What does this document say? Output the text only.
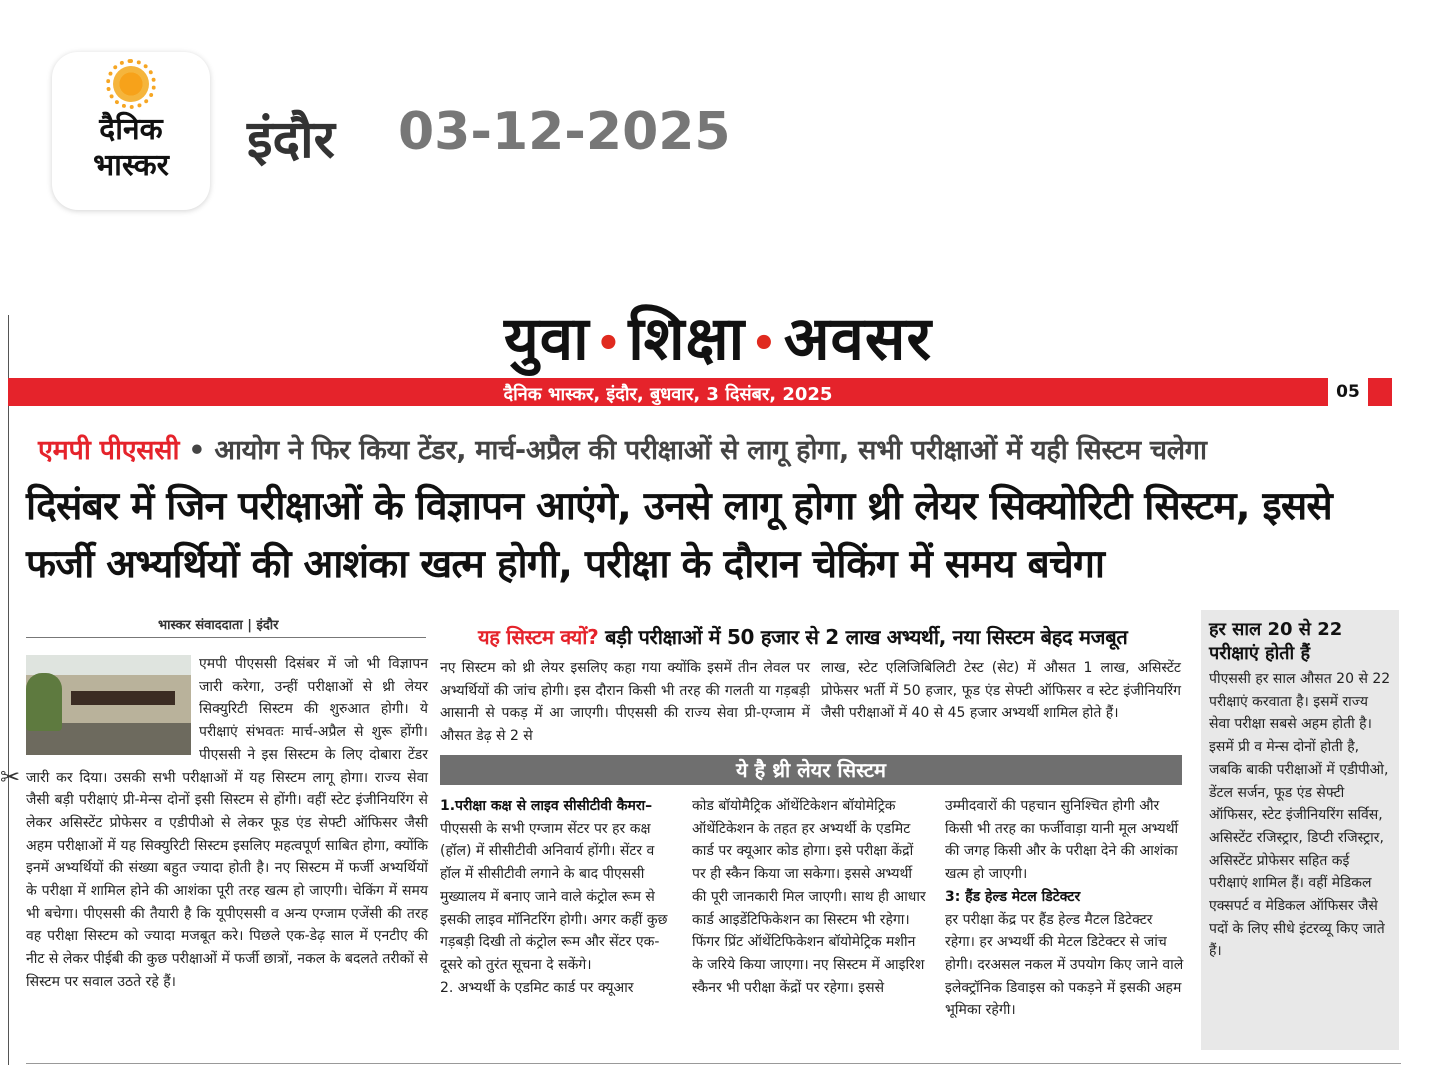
दैनिक भास्कर	इंदौर 03-12-2025
✂
युवा • शिक्षा • अवसर
दैनिक भास्कर, इंदौर, बुधवार, 3 दिसंबर, 2025	05
एमपी पीएससी • आयोग ने फिर किया टेंडर, मार्च-अप्रैल की परीक्षाओं से लागू होगा, सभी परीक्षाओं में यही सिस्टम चलेगा
दिसंबर में जिन परीक्षाओं के विज्ञापन आएंगे, उनसे लागू होगा थ्री लेयर सिक्योरिटी सिस्टम, इससे फर्जी अभ्यर्थियों की आशंका खत्म होगी, परीक्षा के दौरान चेकिंग में समय बचेगा
भास्कर संवाददाता | इंदौर
एमपी पीएससी दिसंबर में जो भी विज्ञापन जारी करेगा, उन्हीं परीक्षाओं से थ्री लेयर सिक्युरिटी सिस्टम की शुरुआत होगी। ये परीक्षाएं संभवतः मार्च-अप्रैल से शुरू होंगी। पीएससी ने इस सिस्टम के लिए दोबारा टेंडर जारी कर दिया। उसकी सभी परीक्षाओं में यह सिस्टम लागू होगा। राज्य सेवा जैसी बड़ी परीक्षाएं प्री-मेन्स दोनों इसी सिस्टम से होंगी। वहीं स्टेट इंजीनियरिंग से लेकर असिस्टेंट प्रोफेसर व एडीपीओ से लेकर फूड एंड सेफ्टी ऑफिसर जैसी अहम परीक्षाओं में यह सिक्युरिटी सिस्टम इसलिए महत्वपूर्ण साबित होगा, क्योंकि इनमें अभ्यर्थियों की संख्या बहुत ज्यादा होती है। नए सिस्टम में फर्जी अभ्यर्थियों के परीक्षा में शामिल होने की आशंका पूरी तरह खत्म हो जाएगी। चेकिंग में समय भी बचेगा। पीएससी की तैयारी है कि यूपीएससी व अन्य एग्जाम एजेंसी की तरह वह परीक्षा सिस्टम को ज्यादा मजबूत करे। पिछले एक-डेढ़ साल में एनटीए की नीट से लेकर पीईबी की कुछ परीक्षाओं में फर्जी छात्रों, नकल के बदलते तरीकों से सिस्टम पर सवाल उठते रहे हैं।
यह सिस्टम क्यों? बड़ी परीक्षाओं में 50 हजार से 2 लाख अभ्यर्थी, नया सिस्टम बेहद मजबूत
नए सिस्टम को थ्री लेयर इसलिए कहा गया क्योंकि इसमें तीन लेवल पर अभ्यर्थियों की जांच होगी। इस दौरान किसी भी तरह की गलती या गड़बड़ी आसानी से पकड़ में आ जाएगी। पीएससी की राज्य सेवा प्री-एग्जाम में औसत डेढ़ से 2 से
लाख, स्टेट एलिजिबिलिटी टेस्ट (सेट) में औसत 1 लाख, असिस्टेंट प्रोफेसर भर्ती में 50 हजार, फूड एंड सेफ्टी ऑफिसर व स्टेट इंजीनियरिंग जैसी परीक्षाओं में 40 से 45 हजार अभ्यर्थी शामिल होते हैं।
ये है थ्री लेयर सिस्टम
1.परीक्षा कक्ष से लाइव सीसीटीवी कैमरा– पीएससी के सभी एग्जाम सेंटर पर हर कक्ष (हॉल) में सीसीटीवी अनिवार्य होंगी। सेंटर व हॉल में सीसीटीवी लगाने के बाद पीएससी मुख्यालय में बनाए जाने वाले कंट्रोल रूम से इसकी लाइव मॉनिटरिंग होगी। अगर कहीं कुछ गड़बड़ी दिखी तो कंट्रोल रूम और सेंटर एक-दूसरे को तुरंत सूचना दे सकेंगे।
2. अभ्यर्थी के एडमिट कार्ड पर क्यूआर
कोड बॉयोमैट्रिक ऑथेंटिकेशन बॉयोमेट्रिक ऑथेंटिकेशन के तहत हर अभ्यर्थी के एडमिट कार्ड पर क्यूआर कोड होगा। इसे परीक्षा केंद्रों पर ही स्कैन किया जा सकेगा। इससे अभ्यर्थी की पूरी जानकारी मिल जाएगी। साथ ही आधार कार्ड आइडेंटिफिकेशन का सिस्टम भी रहेगा। फिंगर प्रिंट ऑथेंटिफिकेशन बॉयोमेट्रिक मशीन के जरिये किया जाएगा। नए सिस्टम में आइरिश स्कैनर भी परीक्षा केंद्रों पर रहेगा। इससे
उम्मीदवारों की पहचान सुनिश्चित होगी और किसी भी तरह का फर्जीवाड़ा यानी मूल अभ्यर्थी की जगह किसी और के परीक्षा देने की आशंका खत्म हो जाएगी।
3: हैंड हेल्ड मेटल डिटेक्टर
हर परीक्षा केंद्र पर हैंड हेल्ड मैटल डिटेक्टर रहेगा। हर अभ्यर्थी की मेटल डिटेक्टर से जांच होगी। दरअसल नकल में उपयोग किए जाने वाले इलेक्ट्रॉनिक डिवाइस को पकड़ने में इसकी अहम भूमिका रहेगी।
हर साल 20 से 22 परीक्षाएं होती हैं
पीएससी हर साल औसत 20 से 22 परीक्षाएं करवाता है। इसमें राज्य सेवा परीक्षा सबसे अहम होती है। इसमें प्री व मेन्स दोनों होती है, जबकि बाकी परीक्षाओं में एडीपीओ, डेंटल सर्जन, फूड एंड सेफ्टी ऑफिसर, स्टेट इंजीनियरिंग सर्विस, असिस्टेंट रजिस्ट्रार, डिप्टी रजिस्ट्रार, असिस्टेंट प्रोफेसर सहित कई परीक्षाएं शामिल हैं। वहीं मेडिकल एक्सपर्ट व मेडिकल ऑफिसर जैसे पदों के लिए सीधे इंटरव्यू किए जाते हैं।
